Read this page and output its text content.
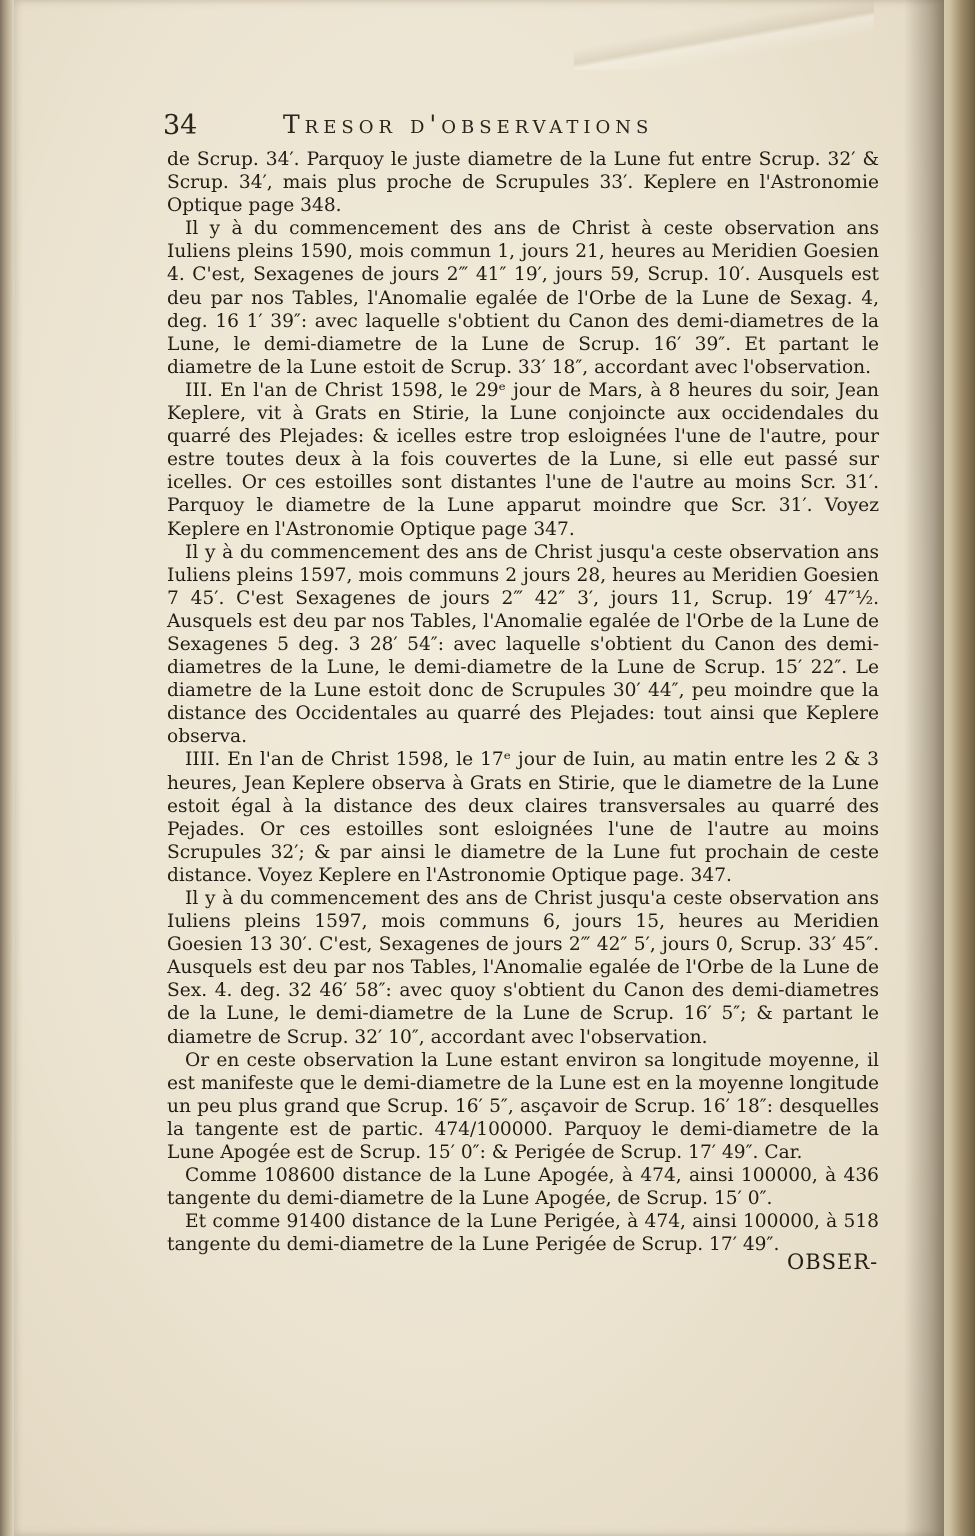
34	Tresor d'observations

de Scrup. 34′. Parquoy le juste diametre de la Lune fut entre Scrup. 32′ & Scrup. 34′, mais plus proche de Scrupules 33′. Keplere en l'Astronomie Optique page 348.

Il y à du commencement des ans de Christ à ceste observation ans Iuliens pleins 1590, mois commun 1, jours 21, heures au Meridien Goesien 4. C'est, Sexagenes de jours 2‴ 41″ 19′, jours 59, Scrup. 10′. Ausquels est deu par nos Tables, l'Anomalie egalée de l'Orbe de la Lune de Sexag. 4, deg. 16 1′ 39″: avec laquelle s'obtient du Canon des demi-diametres de la Lune, le demi-diametre de la Lune de Scrup. 16′ 39″. Et partant le diametre de la Lune estoit de Scrup. 33′ 18″, accordant avec l'observation.

III. En l'an de Christ 1598, le 29ᵉ jour de Mars, à 8 heures du soir, Jean Keplere, vit à Grats en Stirie, la Lune conjoincte aux occidendales du quarré des Plejades: & icelles estre trop esloignées l'une de l'autre, pour estre toutes deux à la fois couvertes de la Lune, si elle eut passé sur icelles. Or ces estoilles sont distantes l'une de l'autre au moins Scr. 31′. Parquoy le diametre de la Lune apparut moindre que Scr. 31′. Voyez Keplere en l'Astronomie Optique page 347.

Il y à du commencement des ans de Christ jusqu'a ceste observation ans Iuliens pleins 1597, mois communs 2 jours 28, heures au Meridien Goesien 7 45′. C'est Sexagenes de jours 2‴ 42″ 3′, jours 11, Scrup. 19′ 47″½. Ausquels est deu par nos Tables, l'Anomalie egalée de l'Orbe de la Lune de Sexagenes 5 deg. 3 28′ 54″: avec laquelle s'obtient du Canon des demi-diametres de la Lune, le demi-diametre de la Lune de Scrup. 15′ 22″. Le diametre de la Lune estoit donc de Scrupules 30′ 44″, peu moindre que la distance des Occidentales au quarré des Plejades: tout ainsi que Keplere observa.

IIII. En l'an de Christ 1598, le 17ᵉ jour de Iuin, au matin entre les 2 & 3 heures, Jean Keplere observa à Grats en Stirie, que le diametre de la Lune estoit égal à la distance des deux claires transversales au quarré des Pejades. Or ces estoilles sont esloignées l'une de l'autre au moins Scrupules 32′; & par ainsi le diametre de la Lune fut prochain de ceste distance. Voyez Keplere en l'Astronomie Optique page. 347.

Il y à du commencement des ans de Christ jusqu'a ceste observation ans Iuliens pleins 1597, mois communs 6, jours 15, heures au Meridien Goesien 13 30′. C'est, Sexagenes de jours 2‴ 42″ 5′, jours 0, Scrup. 33′ 45″. Ausquels est deu par nos Tables, l'Anomalie egalée de l'Orbe de la Lune de Sex. 4. deg. 32 46′ 58″: avec quoy s'obtient du Canon des demi-diametres de la Lune, le demi-diametre de la Lune de Scrup. 16′ 5″; & partant le diametre de Scrup. 32′ 10″, accordant avec l'observation.

Or en ceste observation la Lune estant environ sa longitude moyenne, il est manifeste que le demi-diametre de la Lune est en la moyenne longitude un peu plus grand que Scrup. 16′ 5″, asçavoir de Scrup. 16′ 18″: desquelles la tangente est de partic. 474/100000. Parquoy le demi-diametre de la Lune Apogée est de Scrup. 15′ 0″: & Perigée de Scrup. 17′ 49″. Car.

Comme 108600 distance de la Lune Apogée, à 474, ainsi 100000, à 436 tangente du demi-diametre de la Lune Apogée, de Scrup. 15′ 0″.

Et comme 91400 distance de la Lune Perigée, à 474, ainsi 100000, à 518 tangente du demi-diametre de la Lune Perigée de Scrup. 17′ 49″.

OBSER-
